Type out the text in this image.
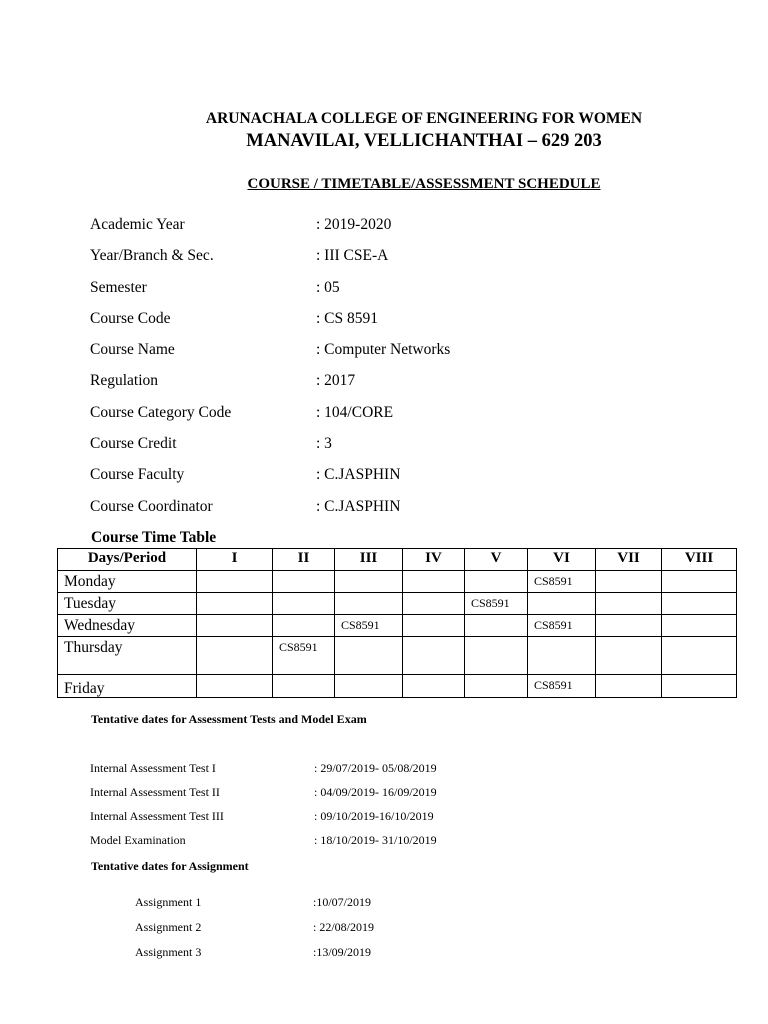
ARUNACHALA COLLEGE OF ENGINEERING FOR WOMEN
MANAVILAI, VELLICHANTHAI – 629 203
COURSE / TIMETABLE/ASSESSMENT SCHEDULE
Academic Year	: 2019-2020
Year/Branch & Sec.	: III CSE-A
Semester	: 05
Course Code	: CS 8591
Course Name	: Computer Networks
Regulation	: 2017
Course Category Code	: 104/CORE
Course Credit	: 3
Course Faculty	: C.JASPHIN
Course Coordinator	: C.JASPHIN
Course Time Table
Days/Period	I	II	III	IV	V	VI	VII	VIII
Monday						CS8591		
Tuesday					CS8591			
Wednesday			CS8591			CS8591		
Thursday		CS8591						
Friday						CS8591		
Tentative dates for Assessment Tests and Model Exam
Internal Assessment Test I	: 29/07/2019- 05/08/2019
Internal Assessment Test II	: 04/09/2019- 16/09/2019
Internal Assessment Test III	: 09/10/2019-16/10/2019
Model Examination	: 18/10/2019- 31/10/2019
Tentative dates for Assignment
Assignment 1	:10/07/2019
Assignment 2	: 22/08/2019
Assignment 3	:13/09/2019
